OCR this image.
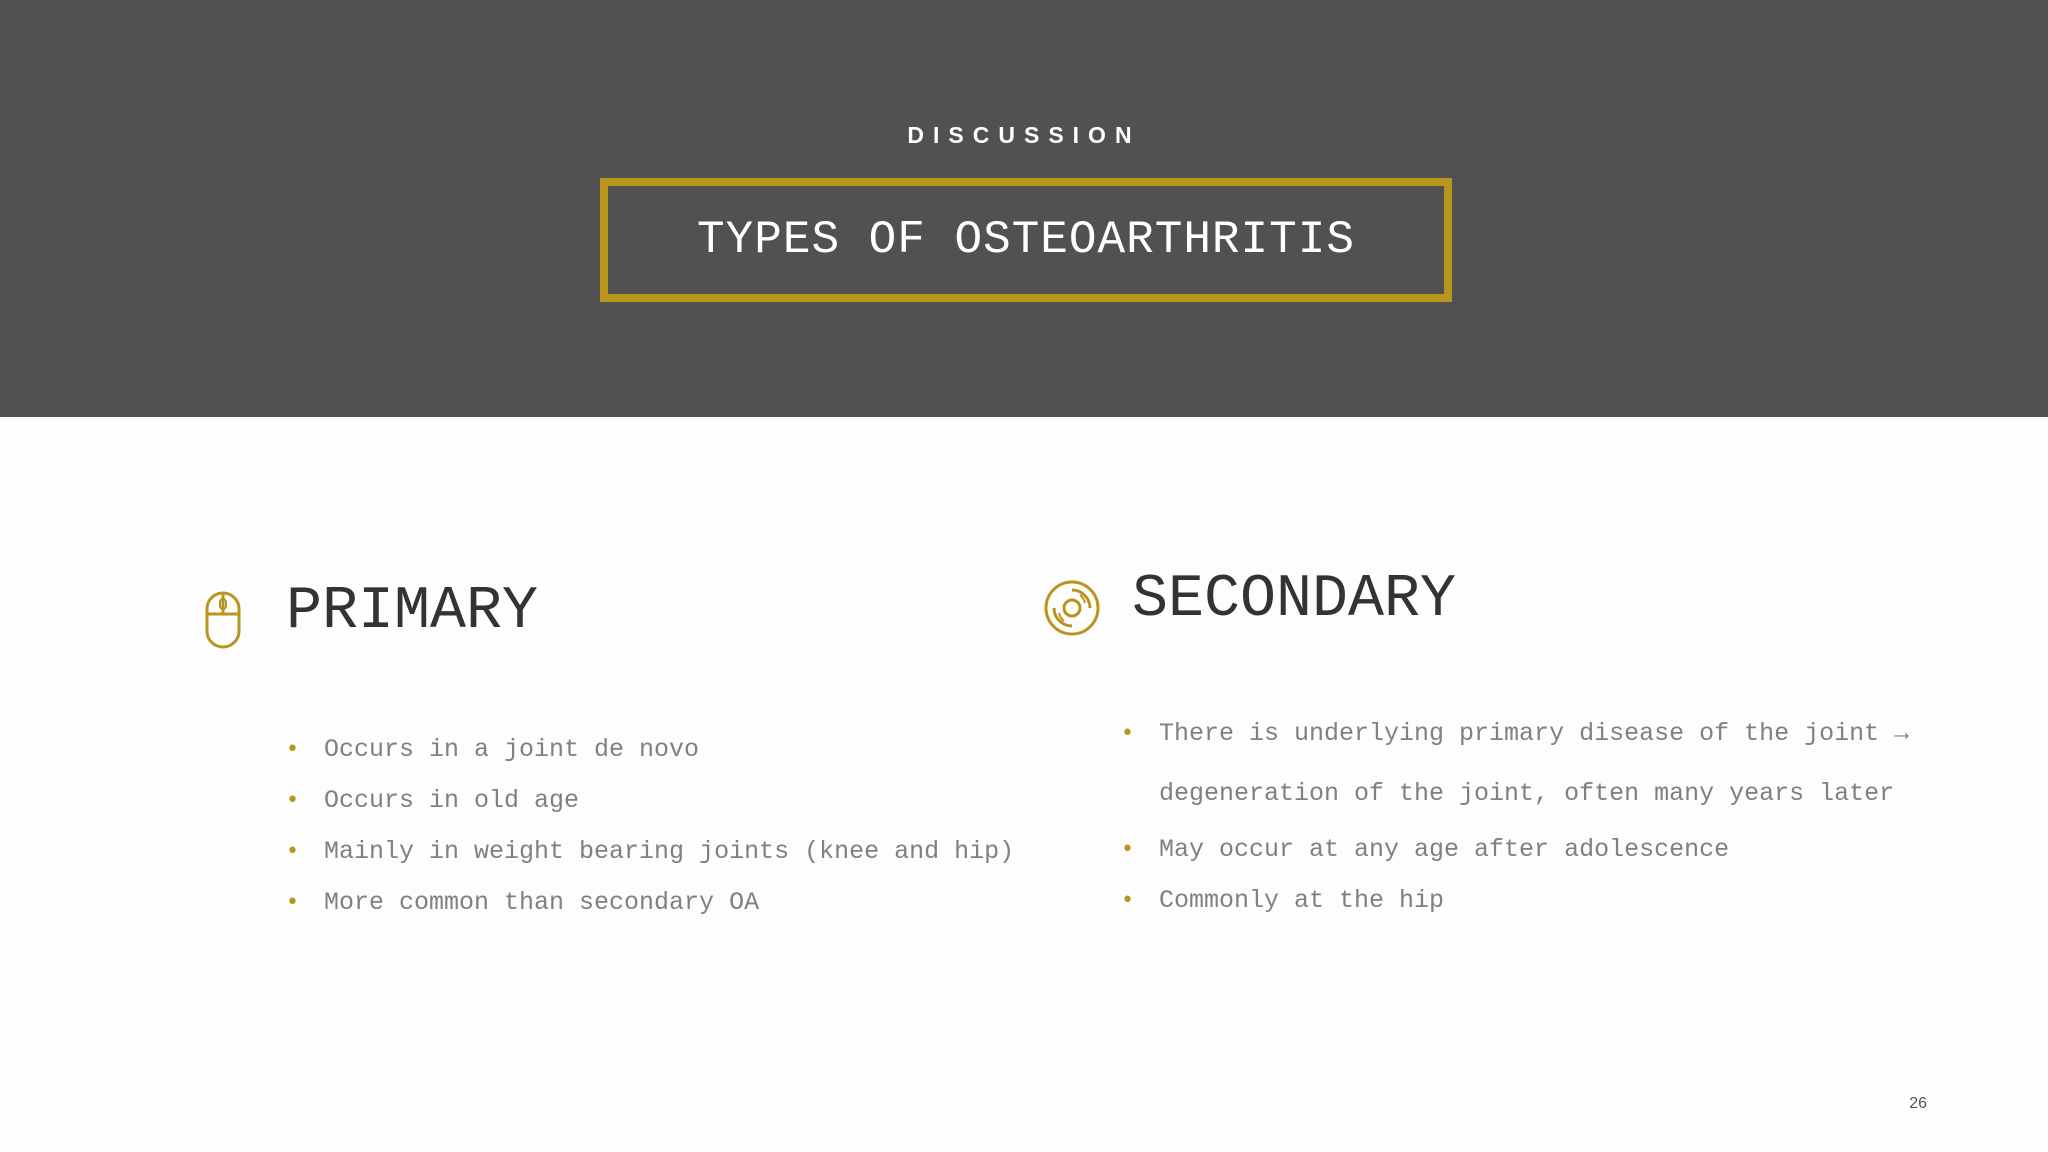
DISCUSSION
TYPES OF OSTEOARTHRITIS
PRIMARY
• Occurs in a joint de novo
• Occurs in old age
• Mainly in weight bearing joints (knee and hip)
• More common than secondary OA
SECONDARY
• There is underlying primary disease of the joint → degeneration of the joint, often many years later
• May occur at any age after adolescence
• Commonly at the hip
26
